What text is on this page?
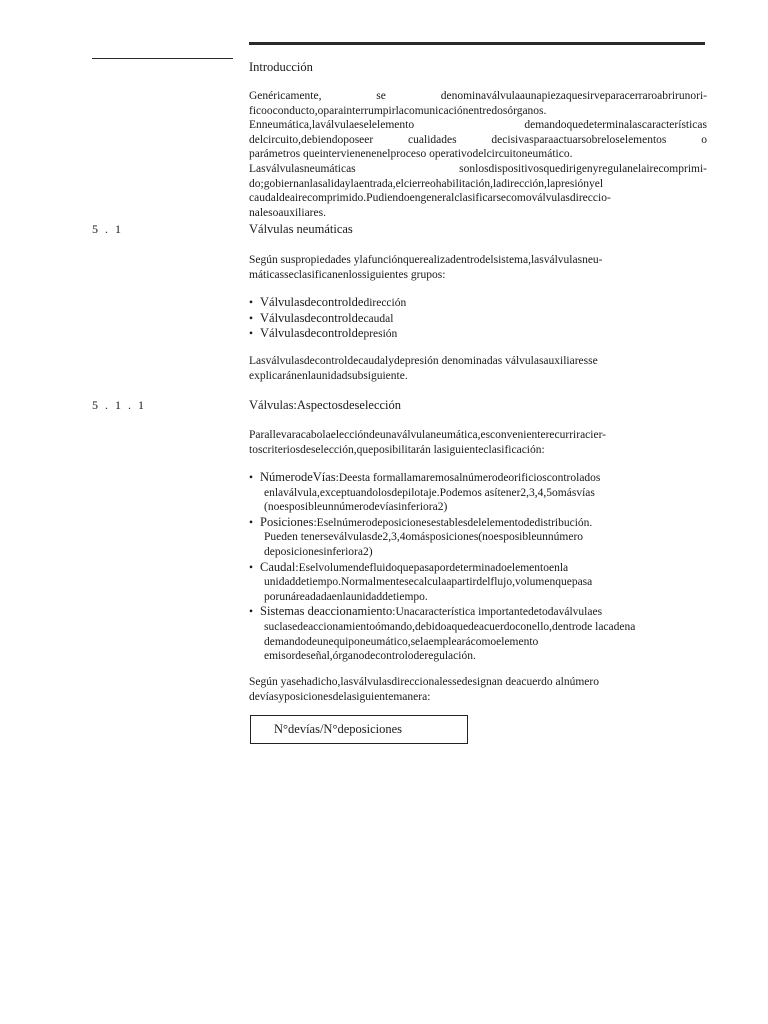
Introducción

Genéricamente, se denominaválvulaaunapiezaquesirveparacerraroabrirunori-

ficooconducto,oparainterrumpirlacomunicaciónentredosórganos.

Enneumática,laválvulaeselelemento demandoquedeterminalascaracterísticas

delcircuito,debiendoposeer cualidades decisivasparaactuarsobreloselementos o

parámetros queintervienenenelproceso operativodelcircuitoneumático.

Lasválvulasneumáticas sonlosdispositivosquedirigenyregulanelairecomprimi-

do;gobiernanlasalidaylaentrada,elcierreohabilitación,ladirección,lapresiónyel

caudaldeairecomprimido.Pudiendoengeneralclasificarsecomoválvulasdireccio-

nalesoauxiliares.

5 . 1	Válvulas neumáticas

Según suspropiedades ylafunciónquerealizadentrodelsistema,lasválvulasneu-

máticasseclasificanenlossiguientes grupos:

• Válvulasdecontroldedirección
• Válvulasdecontroldecaudal
• Válvulasdecontroldepresión

Lasválvulasdecontroldecaudalydepresión denominadas válvulasauxiliaresse

explicaránenlaunidadsubsiguiente.

5 . 1 . 1	Válvulas:Aspectosdeselección

Parallevaracabolaeleccióndeunaválvulaneumática,esconvenienterecurriracier-

toscriteriosdeselección,queposibilitarán lasiguienteclasificación:

• NúmerodeVías:Deesta formallamaremosalnúmerodeorificioscontrolados
enlaválvula,exceptuandolosdepilotaje.Podemos asítener2,3,4,5omásvías
(noesposibleunnúmerodevíasinferiora2)
• Posiciones:Eselnúmerodeposicionesestablesdelelementodedistribución.
Pueden tenerseválvulasde2,3,4omásposiciones(noesposibleunnúmero
deposicionesinferiora2)
• Caudal:Eselvolumendefluidoquepasapordeterminadoelementoenla
unidaddetiempo.Normalmentesecalculaapartirdelflujo,volumenquepasa
porunáreadadaenlaunidaddetiempo.
• Sistemas deaccionamiento:Unacaracterística importantedetodaválvulaes
suclasedeaccionamientoómando,debidoaquedeacuerdoconello,dentrode lacadena
demandodeunequiponeumático,selaemplearácomoelemento
emisordeseñal,órganodecontroloderegulación.

Según yasehadicho,lasválvulasdireccionalessedesignan deacuerdo alnúmero

devíasyposicionesdelasiguientemanera:

N°devías/N°deposiciones
